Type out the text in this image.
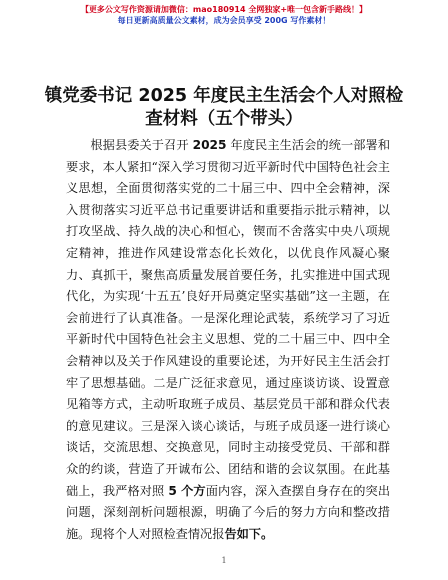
【更多公文写作资源请加微信：mao180914 全网独家+唯一包含新手路线！】
每日更新高质量公文素材，成为会员享受 200G 写作素材！
镇党委书记 2025 年度民主生活会个人对照检查材料（五个带头）

根据县委关于召开 2025 年度民主生活会的统一部署和要求，本人紧扣“深入学习贯彻习近平新时代中国特色社会主义思想，全面贯彻落实党的二十届三中、四中全会精神，深入贯彻落实习近平总书记重要讲话和重要指示批示精神，以打攻坚战、持久战的决心和恒心，锲而不舍落实中央八项规定精神，推进作风建设常态化长效化，以优良作风凝心聚力、真抓干，聚焦高质量发展首要任务，扎实推进中国式现代化，为实现‘十五五’良好开局奠定坚实基础”这一主题，在会前进行了认真准备。一是深化理论武装，系统学习了习近平新时代中国特色社会主义思想、党的二十届三中、四中全会精神以及关于作风建设的重要论述，为开好民主生活会打牢了思想基础。二是广泛征求意见，通过座谈访谈、设置意见箱等方式，主动听取班子成员、基层党员干部和群众代表的意见建议。三是深入谈心谈话，与班子成员逐一进行谈心谈话，交流思想、交换意见，同时主动接受党员、干部和群众的约谈，营造了开诚布公、团结和谐的会议氛围。在此基础上，我严格对照 5 个方面内容，深入查摆自身存在的突出问题，深刻剖析问题根源，明确了今后的努力方向和整改措施。现将个人对照检查情况报告如下。

1
